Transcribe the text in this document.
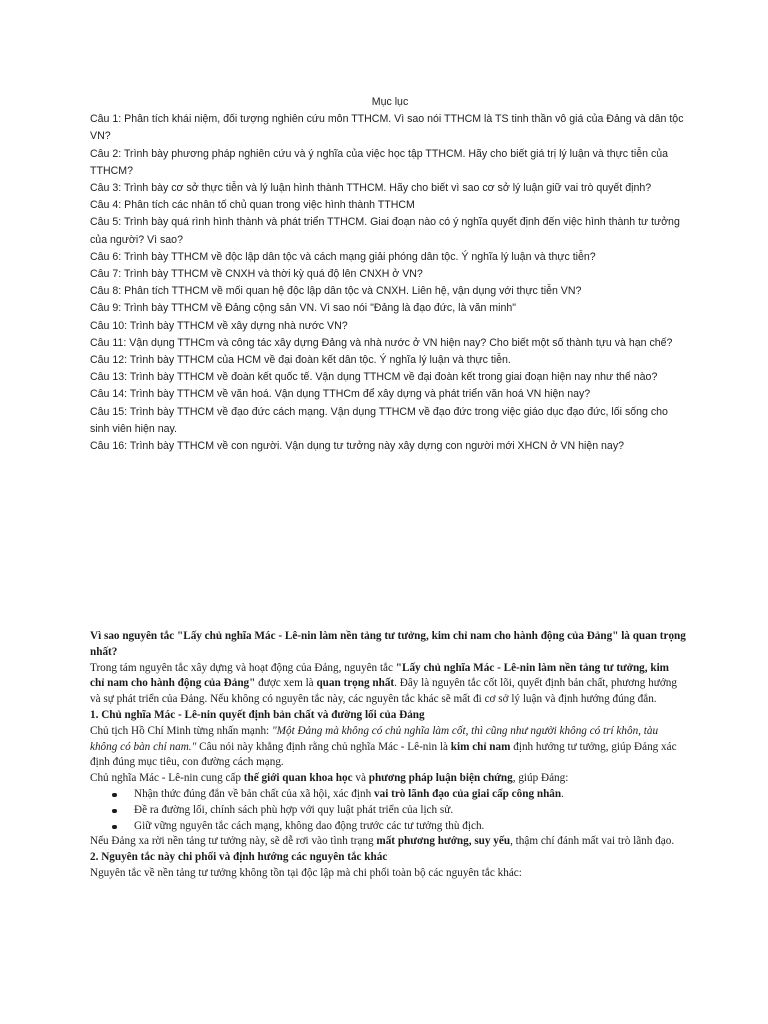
Mục lục

Câu 1: Phân tích khái niệm, đối tượng nghiên cứu môn TTHCM. Vì sao nói TTHCM là TS tinh thần vô giá của Đảng và dân tộc VN?

Câu 2: Trình bày phương pháp nghiên cứu và ý nghĩa của việc học tập TTHCM. Hãy cho biết giá trị lý luận và thực tiễn của TTHCM?

Câu 3: Trình bày cơ sở thực tiễn và lý luận hình thành TTHCM. Hãy cho biết vì sao cơ sở lý luận giữ vai trò quyết định?

Câu 4: Phân tích các nhân tố chủ quan trong việc hình thành TTHCM

Câu 5: Trình bày quá rình hình thành và phát triển TTHCM. Giai đoạn nào có ý nghĩa quyết định đến việc hình thành tư tưởng của người? Vì sao?

Câu 6: Trình bày TTHCM về độc lập dân tộc và cách mạng giải phóng dân tộc. Ý nghĩa lý luận và thực tiễn?

Câu 7: Trình bày TTHCM về CNXH và thời kỳ quá độ lên CNXH ở VN?

Câu 8: Phân tích TTHCM về mối quan hệ độc lập dân tộc và CNXH. Liên hệ, vận dụng với thực tiễn VN?

Câu 9: Trình bày TTHCM về Đảng cộng sản VN. Vì sao nói "Đảng là đạo đức, là văn minh"

Câu 10: Trình bày TTHCM về xây dựng nhà nước VN?

Câu 11: Vận dụng TTHCm và công tác xây dựng Đảng và nhà nước ở VN hiện nay? Cho biết một số thành tựu và hạn chế?

Câu 12: Trình bày TTHCM của HCM về đại đoàn kết dân tộc. Ý nghĩa lý luận và thực tiễn.

Câu 13: Trình bày TTHCM về đoàn kết quốc tế. Vận dụng TTHCM về đại đoàn kết trong giai đoạn hiện nay như thế nào?

Câu 14: Trình bày TTHCM về văn hoá. Vận dụng TTHCm để xây dựng và phát triển văn hoá VN hiện nay?

Câu 15: Trình bày TTHCM về đạo đức cách mạng. Vận dụng TTHCM về đạo đức trong việc giáo dục đạo đức, lối sống cho sinh viên hiện nay.

Câu 16: Trình bày TTHCM về con người. Vận dụng tư tưởng này xây dựng con người mới XHCN ở VN hiện nay?

Vì sao nguyên tắc "Lấy chủ nghĩa Mác - Lê-nin làm nền tảng tư tưởng, kim chỉ nam cho hành động của Đảng" là quan trọng nhất?

Trong tám nguyên tắc xây dựng và hoạt động của Đảng, nguyên tắc "Lấy chủ nghĩa Mác - Lê-nin làm nền tảng tư tưởng, kim chỉ nam cho hành động của Đảng" được xem là quan trọng nhất. Đây là nguyên tắc cốt lõi, quyết định bản chất, phương hướng và sự phát triển của Đảng. Nếu không có nguyên tắc này, các nguyên tắc khác sẽ mất đi cơ sở lý luận và định hướng đúng đắn.

1. Chủ nghĩa Mác - Lê-nin quyết định bản chất và đường lối của Đảng

Chủ tịch Hồ Chí Minh từng nhấn mạnh: "Một Đảng mà không có chủ nghĩa làm cốt, thì cũng như người không có trí khôn, tàu không có bàn chỉ nam." Câu nói này khẳng định rằng chủ nghĩa Mác - Lê-nin là kim chỉ nam định hướng tư tưởng, giúp Đảng xác định đúng mục tiêu, con đường cách mạng.

Chủ nghĩa Mác - Lê-nin cung cấp thế giới quan khoa học và phương pháp luận biện chứng, giúp Đảng:

Nhận thức đúng đắn về bản chất của xã hội, xác định vai trò lãnh đạo của giai cấp công nhân.
Đề ra đường lối, chính sách phù hợp với quy luật phát triển của lịch sử.
Giữ vững nguyên tắc cách mạng, không dao động trước các tư tưởng thù địch.

Nếu Đảng xa rời nền tảng tư tưởng này, sẽ dễ rơi vào tình trạng mất phương hướng, suy yếu, thậm chí đánh mất vai trò lãnh đạo.

2. Nguyên tắc này chi phối và định hướng các nguyên tắc khác

Nguyên tắc về nền tảng tư tưởng không tồn tại độc lập mà chi phối toàn bộ các nguyên tắc khác:
